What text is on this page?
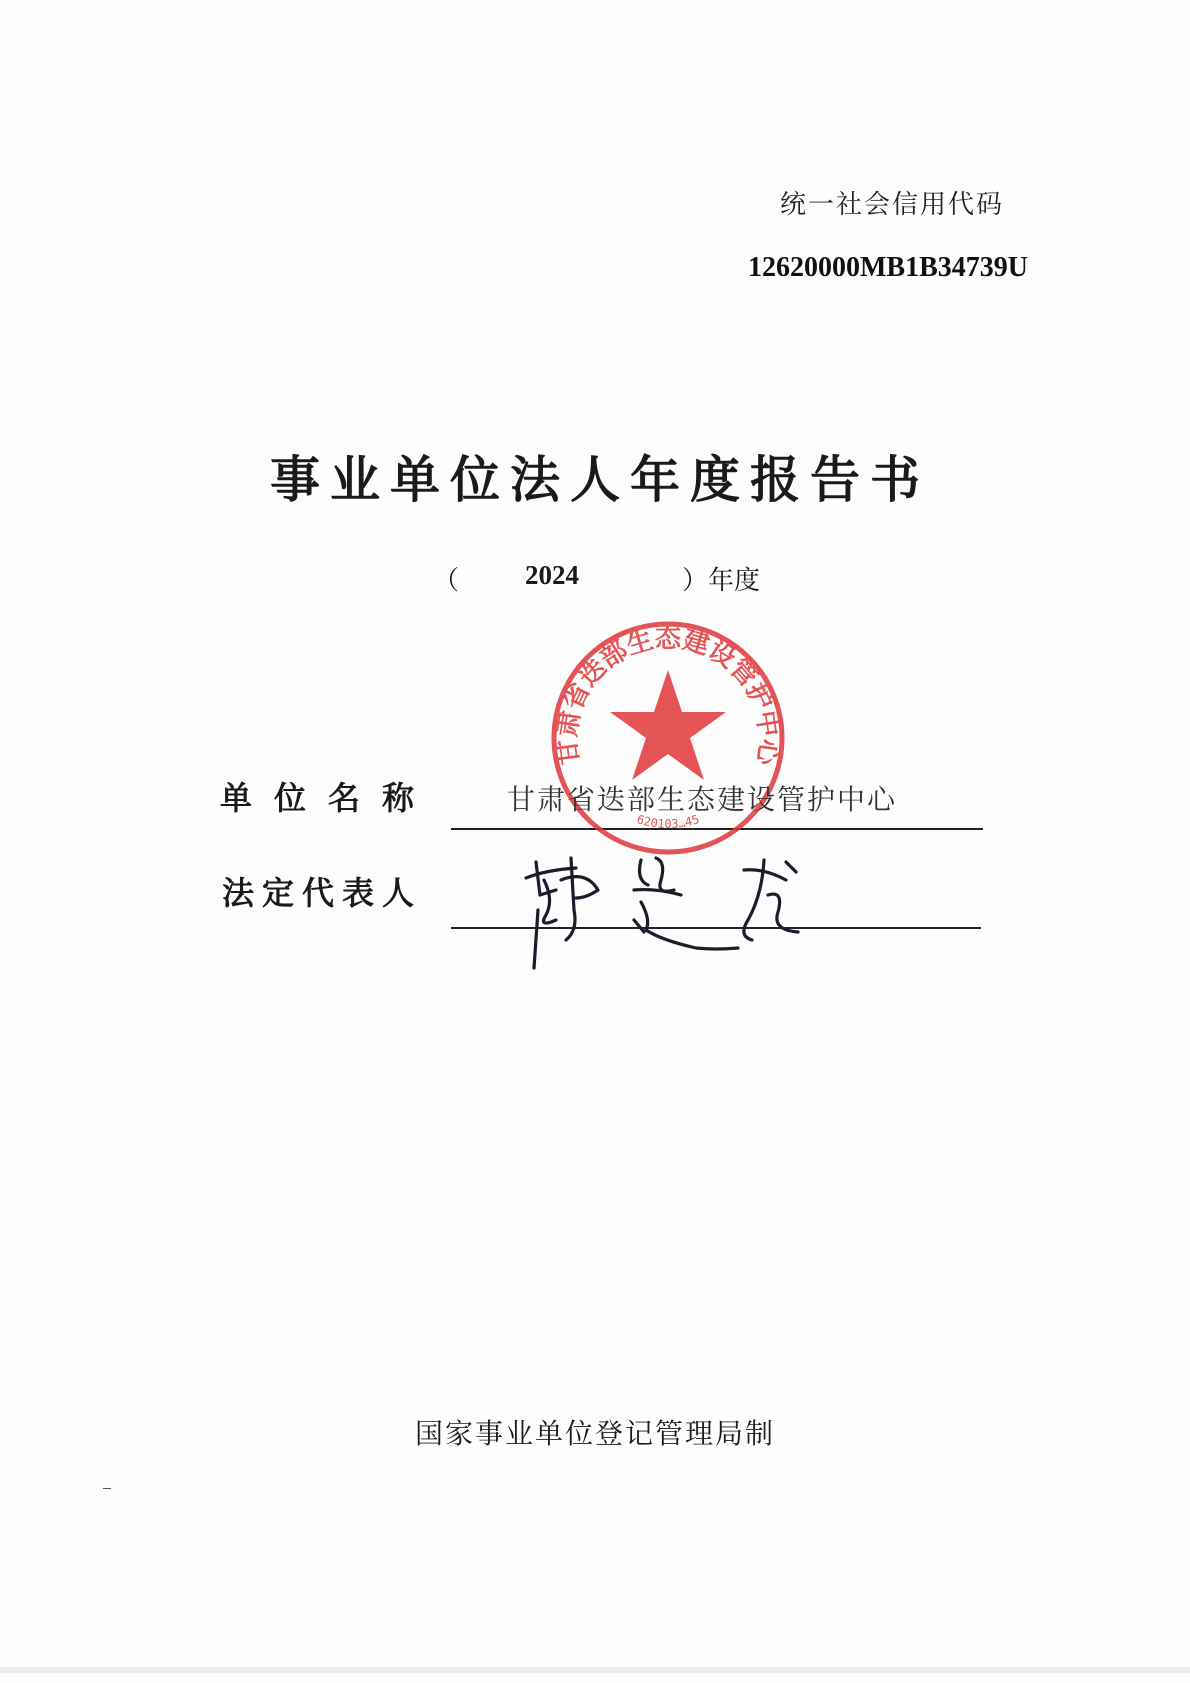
统一社会信用代码
12620000MB1B34739U
事业单位法人年度报告书
（ 2024	）年度
甘肃省迭部生态建设管护中心
620103…45
单位名称	甘肃省迭部生态建设管护中心
法定代表人
国家事业单位登记管理局制
